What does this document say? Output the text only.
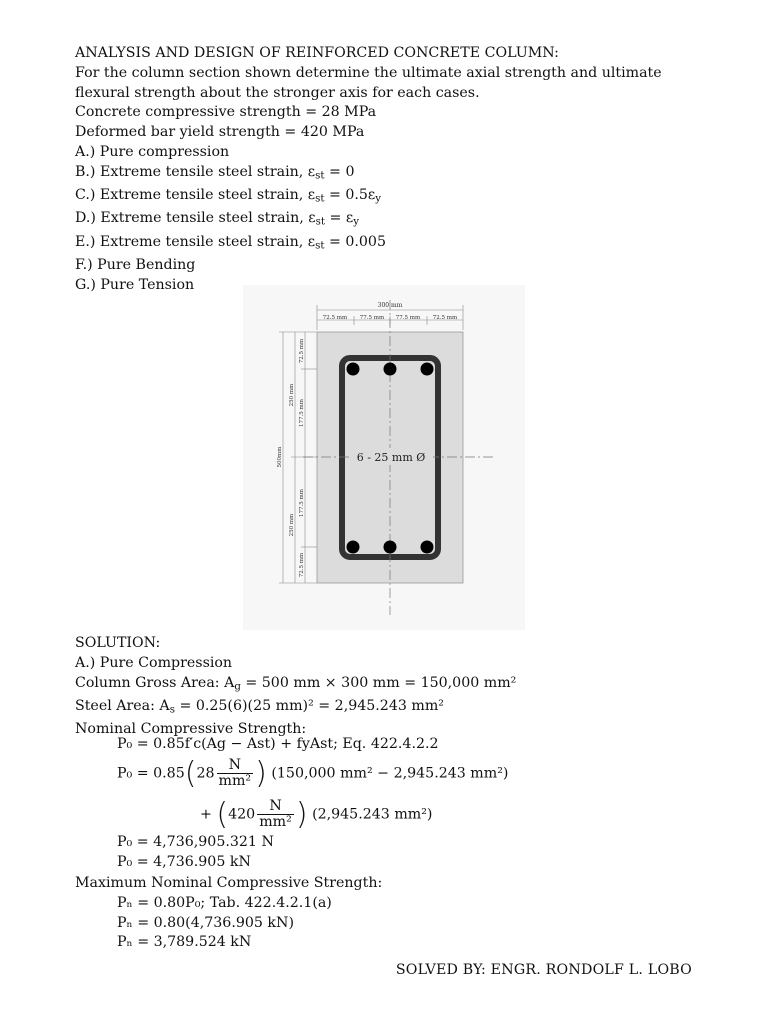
ANALYSIS AND DESIGN OF REINFORCED CONCRETE COLUMN:
For the column section shown determine the ultimate axial strength and ultimate flexural strength about the stronger axis for each cases.
Concrete compressive strength = 28 MPa
Deformed bar yield strength = 420 MPa
A.) Pure compression
B.) Extreme tensile steel strain, $\varepsilon_{st} = 0$
C.) Extreme tensile steel strain, $\varepsilon_{st} = 0.5\varepsilon_y$
D.) Extreme tensile steel strain, $\varepsilon_{st} = \varepsilon_y$
E.) Extreme tensile steel strain, $\varepsilon_{st} = 0.005$
F.) Pure Bending
G.) Pure Tension
300 mm
72.5 mm 77.5 mm 77.5 mm 72.5 mm
500mm
250 mm
250 mm
72.5 mm
177.5 mm
177.5 mm
72.5 mm
6 - 25 mm Ø
SOLUTION:
A.) Pure Compression
Column Gross Area: $A_g = 500$ mm × 300 mm = 150,000 mm²
Steel Area: $A_s = 0.25(6)(25$ mm)² = 2,945.243 mm²
Nominal Compressive Strength:
P₀ = 0.85f′c(Ag − Ast) + fyAst; Eq. 422.4.2.2
$P_0 = 0.85(28 \frac{N}{\text{mm²}}$ ) (150,000 mm² − 2,945.243 mm²)
+ ($420 \frac{N}{\text{mm²}}$ ) (2,945.243 mm²)
P₀ = 4,736,905.321 N
P₀ = 4,736.905 kN
Maximum Nominal Compressive Strength:
Pₙ = 0.80P₀; Tab. 422.4.2.1(a)
Pₙ = 0.80(4,736.905 kN)
Pₙ = 3,789.524 kN
SOLVED BY: ENGR. RONDOLF L. LOBO
